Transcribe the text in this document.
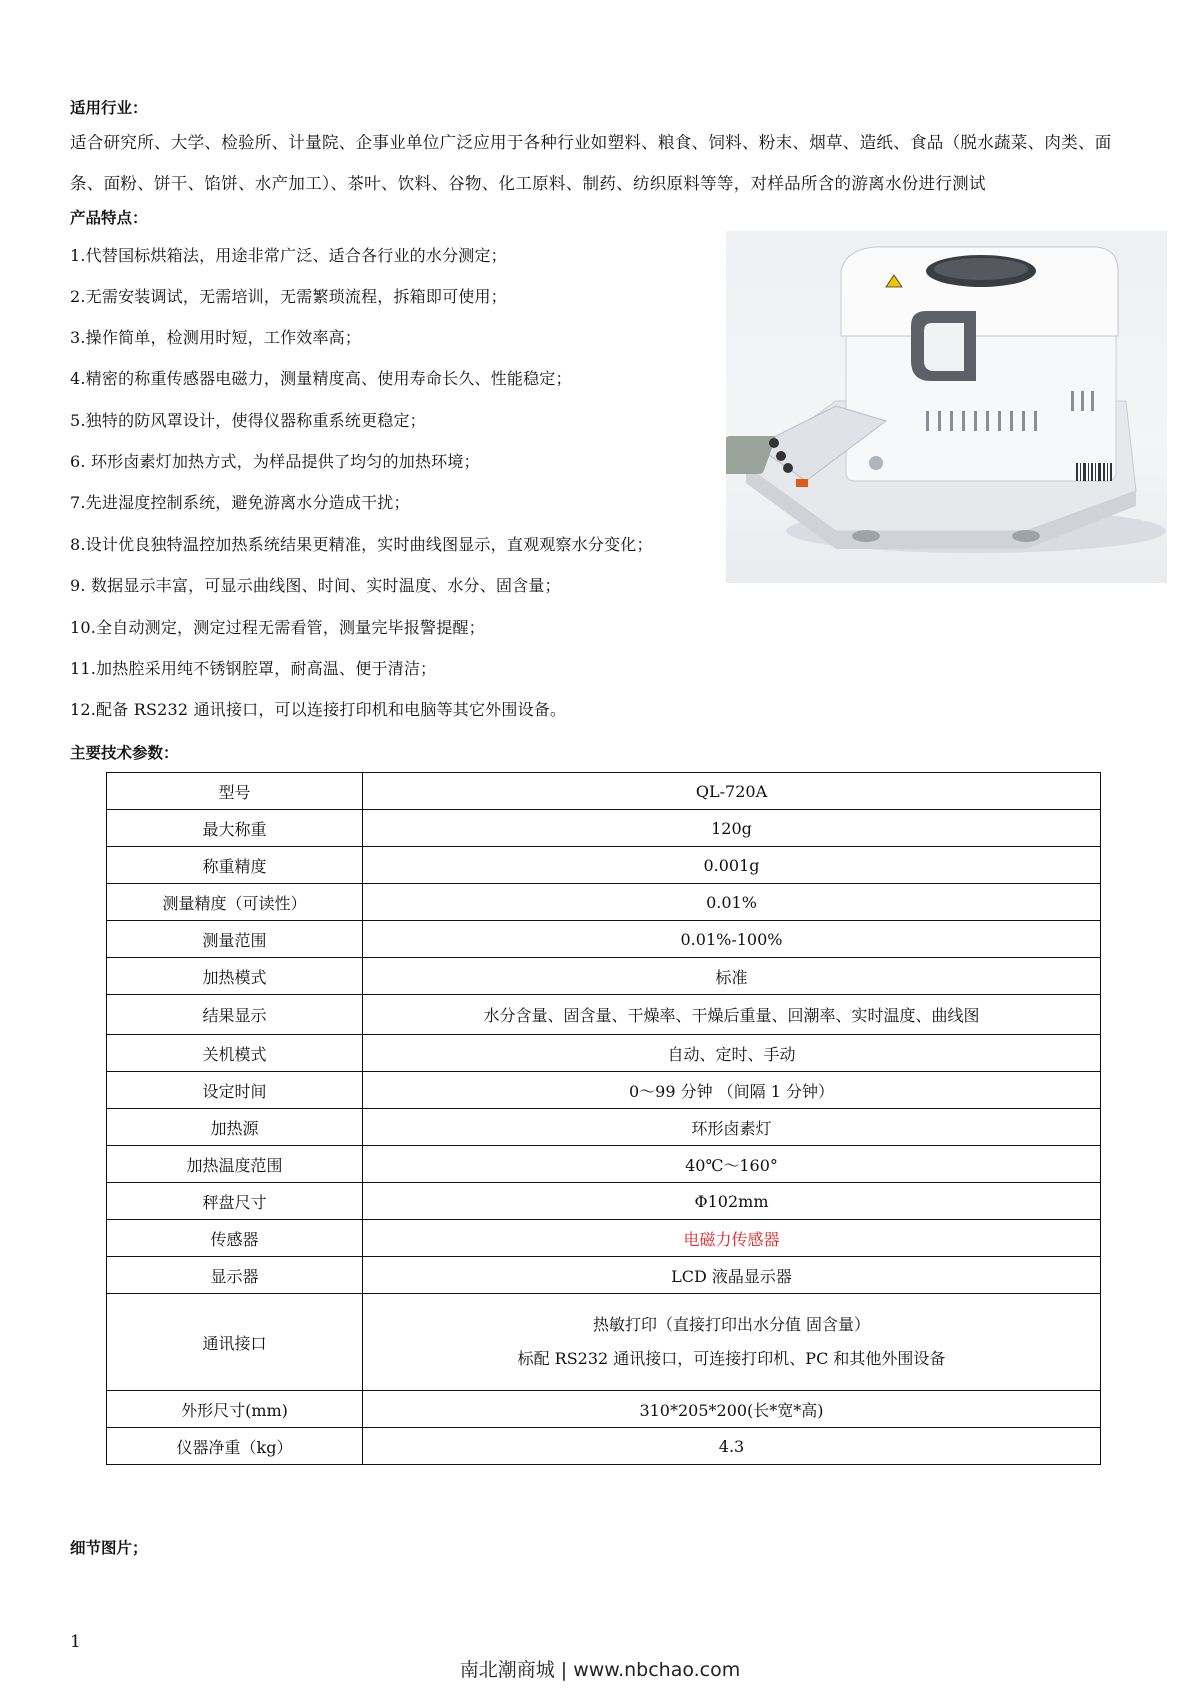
适用行业：
适合研究所、大学、检验所、计量院、企事业单位广泛应用于各种行业如塑料、粮食、饲料、粉末、烟草、造纸、食品（脱水蔬菜、肉类、面条、面粉、饼干、馅饼、水产加工）、茶叶、饮料、谷物、化工原料、制药、纺织原料等等，对样品所含的游离水份进行测试
产品特点：
1.代替国标烘箱法，用途非常广泛、适合各行业的水分测定；
2.无需安装调试，无需培训，无需繁琐流程，拆箱即可使用；
3.操作简单，检测用时短，工作效率高；
4.精密的称重传感器电磁力，测量精度高、使用寿命长久、性能稳定；
5.独特的防风罩设计，使得仪器称重系统更稳定；
6. 环形卤素灯加热方式，为样品提供了均匀的加热环境；
7.先进湿度控制系统，避免游离水分造成干扰；
8.设计优良独特温控加热系统结果更精准，实时曲线图显示，直观观察水分变化；
9. 数据显示丰富，可显示曲线图、时间、实时温度、水分、固含量；
10.全自动测定，测定过程无需看管，测量完毕报警提醒；
11.加热腔采用纯不锈钢腔罩，耐高温、便于清洁；
12.配备 RS232 通讯接口，可以连接打印机和电脑等其它外围设备。
主要技术参数：
型号	QL-720A
最大称重	120g
称重精度	0.001g
测量精度（可读性）	0.01%
测量范围	0.01%-100%
加热模式	标准
结果显示	水分含量、固含量、干燥率、干燥后重量、回潮率、实时温度、曲线图
关机模式	自动、定时、手动
设定时间	0～99 分钟 （间隔 1 分钟）
加热源	环形卤素灯
加热温度范围	40℃～160°
秤盘尺寸	Φ102mm
传感器	电磁力传感器
显示器	LCD 液晶显示器
通讯接口	热敏打印（直接打印出水分值 固含量）
标配 RS232 通讯接口，可连接打印机、PC 和其他外围设备

外形尺寸(mm)	310*205*200(长*宽*高)
仪器净重（kg）	4.3
细节图片；
1
南北潮商城 | www.nbchao.com
